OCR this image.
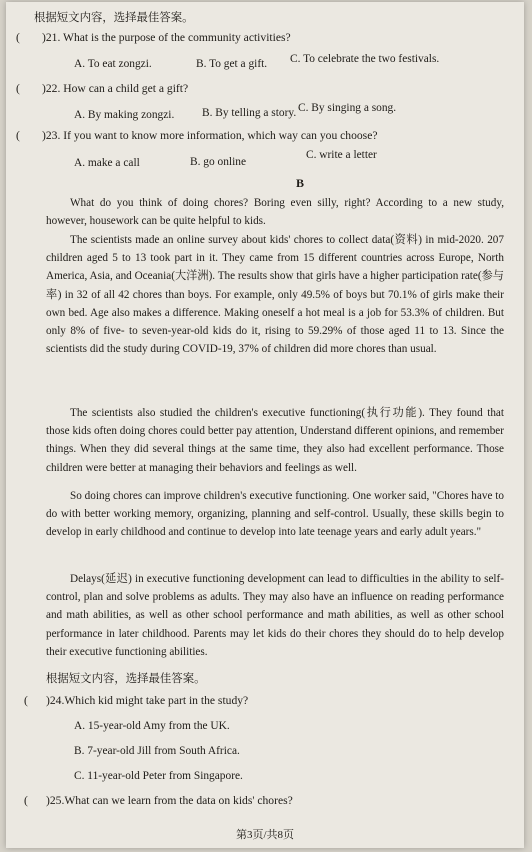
根据短文内容，选择最佳答案。
( )21. What is the purpose of the community activities?
A. To eat zongzi.	B. To get a gift. C. To celebrate the two festivals.
( )22. How can a child get a gift?
A. By making zongzi. B. By telling a story. C. By singing a song.
( )23. If you want to know more information, which way can you choose?
A. make a call	B. go online
C. write a letter
B
What do you think of doing chores? Boring even silly, right? According to a new study, however, housework can be quite helpful to kids.
The scientists made an online survey about kids' chores to collect data(资料) in mid-2020. 207 children aged 5 to 13 took part in it. They came from 15 different countries across Europe, North America, Asia, and Oceania(大洋洲). The results show that girls have a higher participation rate(参与率) in 32 of all 42 chores than boys. For example, only 49.5% of boys but 70.1% of girls make their own bed. Age also makes a difference. Making oneself a hot meal is a job for 53.3% of children. But only 8% of five- to seven-year-old kids do it, rising to 59.29% of those aged 11 to 13. Since the scientists did the study during COVID-19, 37% of children did more chores than usual.
The scientists also studied the children's executive functioning(执行功能). They found that those kids often doing chores could better pay attention, Understand different opinions, and remember things. When they did several things at the same time, they also had excellent performance. Those children were better at managing their behaviors and feelings as well.
So doing chores can improve children's executive functioning. One worker said, "Chores have to do with better working memory, organizing, planning and self-control. Usually, these skills begin to develop in early childhood and continue to develop into late teenage years and early adult years."
Delays(延迟) in executive functioning development can lead to difficulties in the ability to self-control, plan and solve problems as adults. They may also have an influence on reading performance and math abilities, as well as other school performance and math abilities, as well as other school performance in later childhood. Parents may let kids do their chores they should do to help develop their executive functioning abilities.
根据短文内容，选择最佳答案。
( )24.Which kid might take part in the study?
A. 15-year-old Amy from the UK.
B. 7-year-old Jill from South Africa.
C. 11-year-old Peter from Singapore.
( )25.What can we learn from the data on kids' chores?
第3页/共8页
